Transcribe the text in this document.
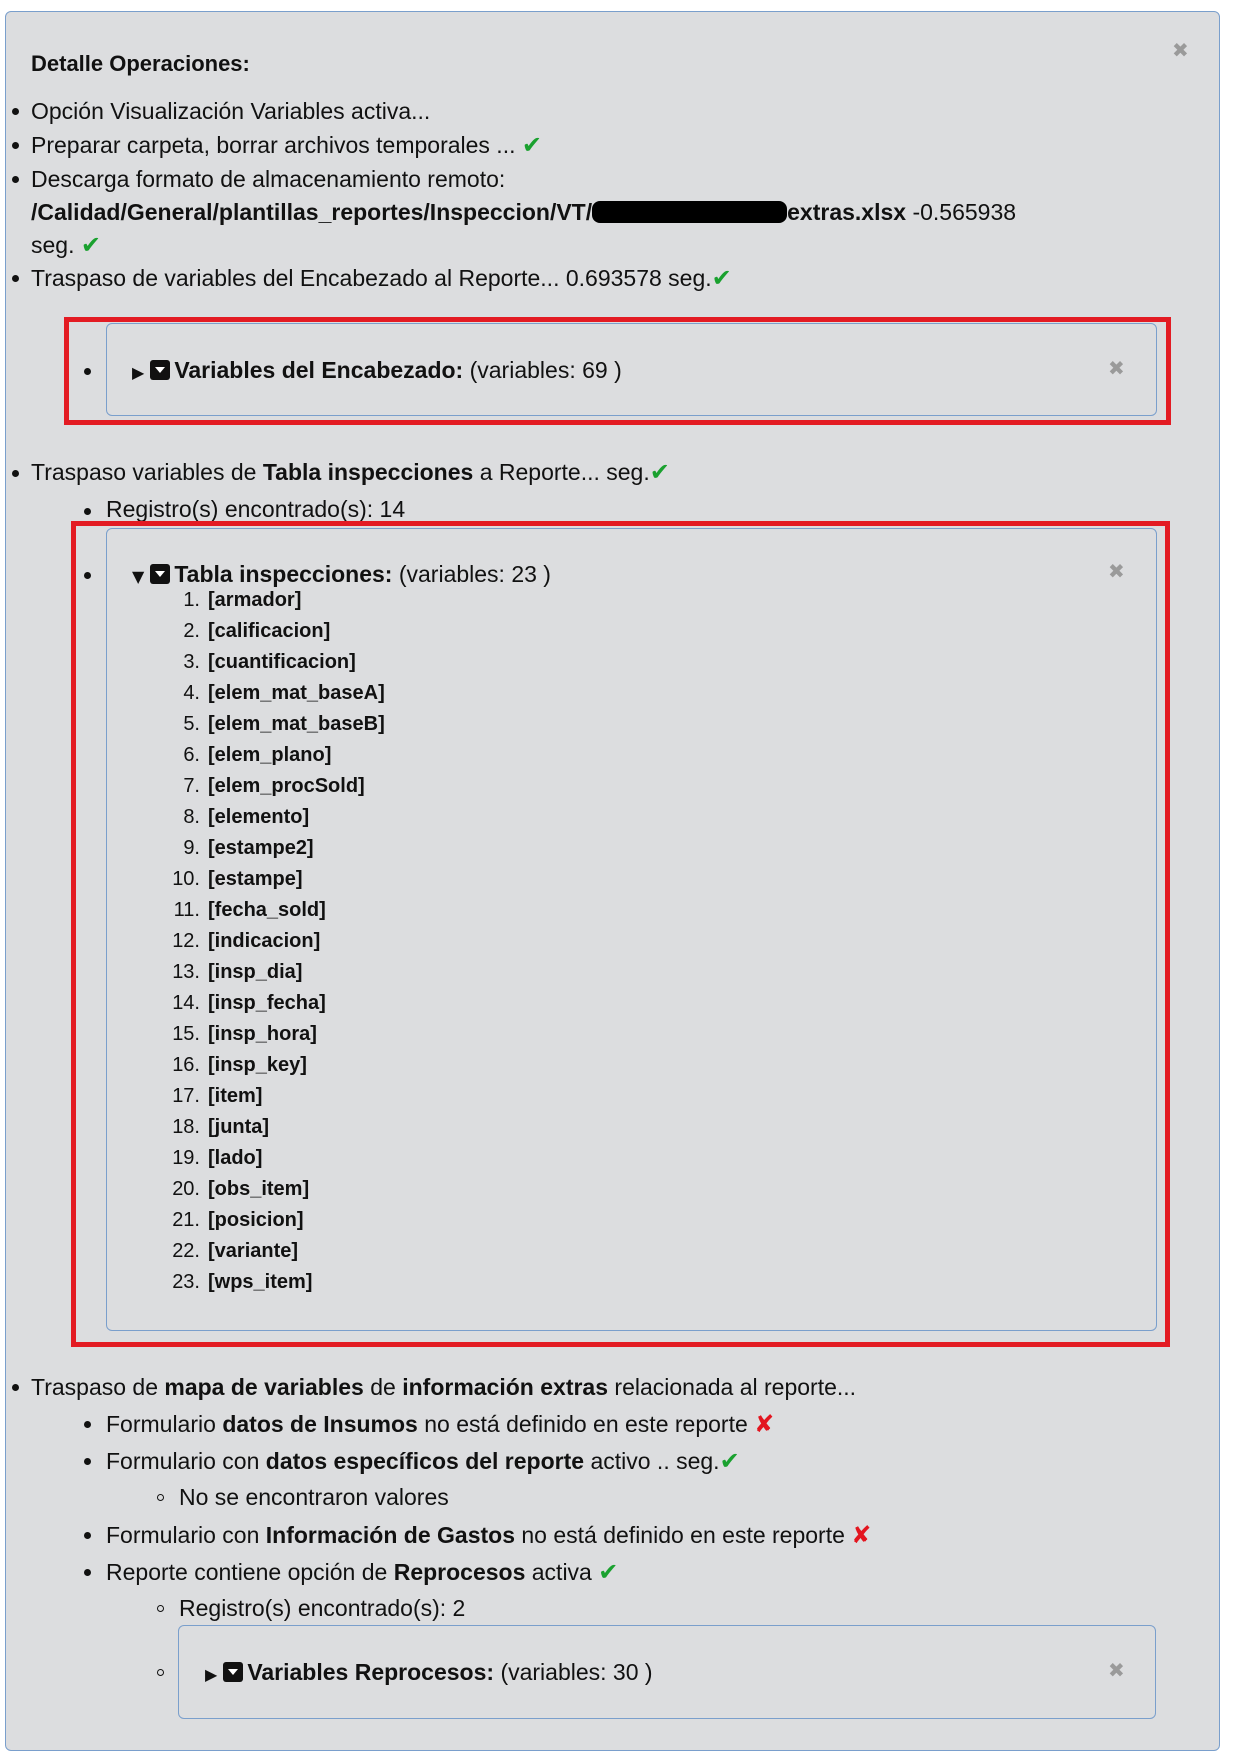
✖
Detalle Operaciones:
Opción Visualización Variables activa...
Preparar carpeta, borrar archivos temporales ... ✔
Descarga formato de almacenamiento remoto:
/Calidad/General/plantillas_reportes/Inspeccion/VT/	extras.xlsx -0.565938
seg. ✔
Traspaso de variables del Encabezado al Reporte... 0.693578 seg.✔
▶ Variables del Encabezado: (variables: 69 )	✖
Traspaso variables de Tabla inspecciones a Reporte... seg.✔
Registro(s) encontrado(s): 14
▼ Tabla inspecciones: (variables: 23 )	✖
1. [armador]
2. [calificacion]
3. [cuantificacion]
4. [elem_mat_baseA]
5. [elem_mat_baseB]
6. [elem_plano]
7. [elem_procSold]
8. [elemento]
9. [estampe2]
10. [estampe]
11. [fecha_sold]
12. [indicacion]
13. [insp_dia]
14. [insp_fecha]
15. [insp_hora]
16. [insp_key]
17. [item]
18. [junta]
19. [lado]
20. [obs_item]
21. [posicion]
22. [variante]
23. [wps_item]
Traspaso de mapa de variables de información extras relacionada al reporte...
Formulario datos de Insumos no está definido en este reporte ✘
Formulario con datos específicos del reporte activo .. seg.✔
No se encontraron valores
Formulario con Información de Gastos no está definido en este reporte ✘
Reporte contiene opción de Reprocesos activa ✔
Registro(s) encontrado(s): 2
▶ Variables Reprocesos: (variables: 30 )	✖
